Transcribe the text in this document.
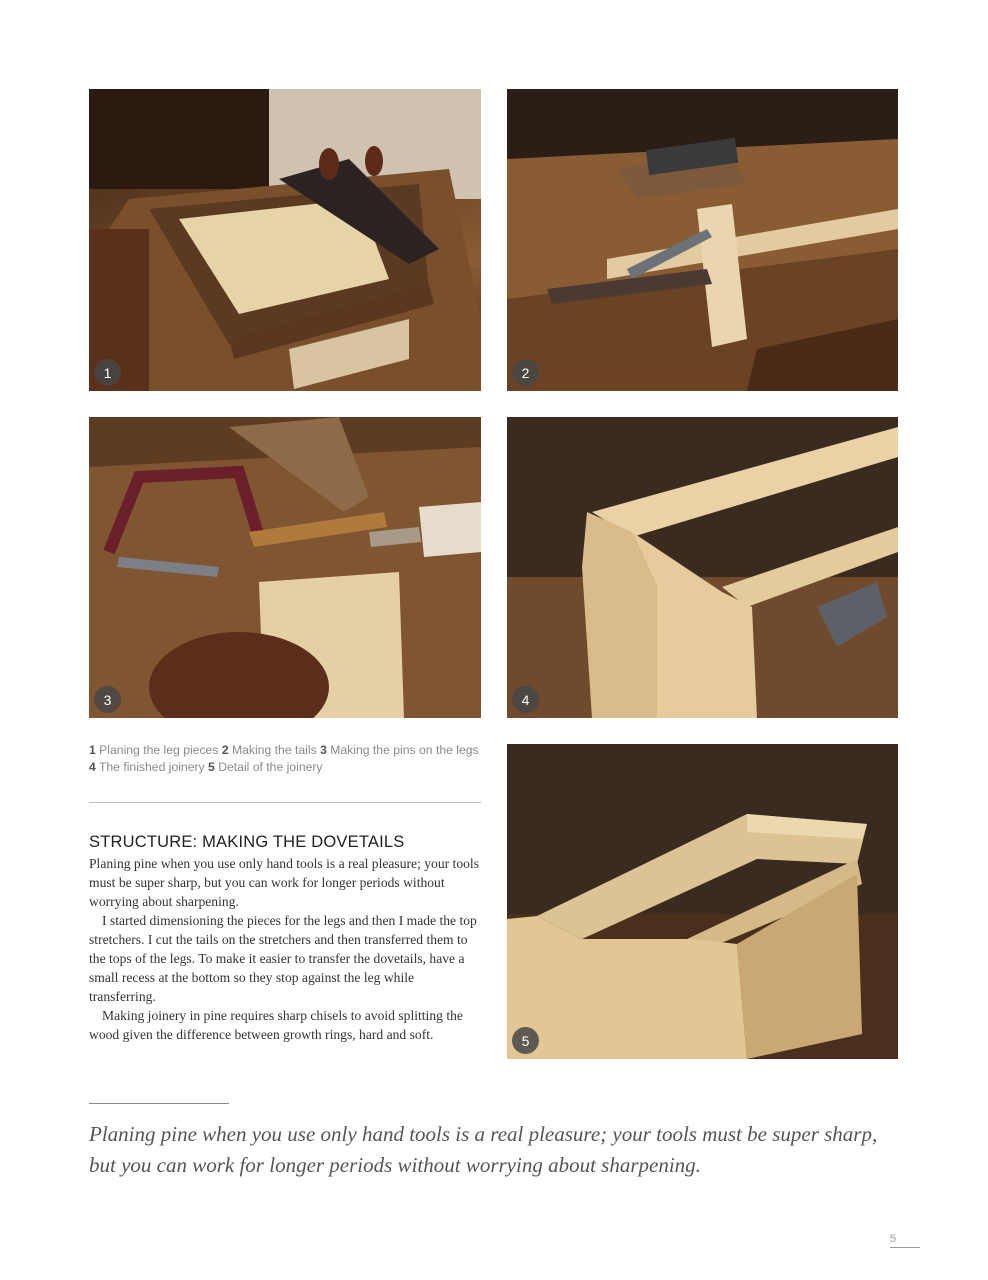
1	2
3	4
5
1 Planing the leg pieces 2 Making the tails 3 Making the pins on the legs 4 The finished joinery 5 Detail of the joinery
STRUCTURE: MAKING THE DOVETAILS

Planing pine when you use only hand tools is a real pleasure; your tools must be super sharp, but you can work for longer periods without worrying about sharpening.

I started dimensioning the pieces for the legs and then I made the top stretchers. I cut the tails on the stretchers and then transferred them to the tops of the legs. To make it easier to transfer the dovetails, have a small recess at the bottom so they stop against the leg while transferring.

Making joinery in pine requires sharp chisels to avoid splitting the wood given the difference between growth rings, hard and soft.

Planing pine when you use only hand tools is a real pleasure; your tools must be super sharp, but you can work for longer periods without worrying about sharpening.
5
